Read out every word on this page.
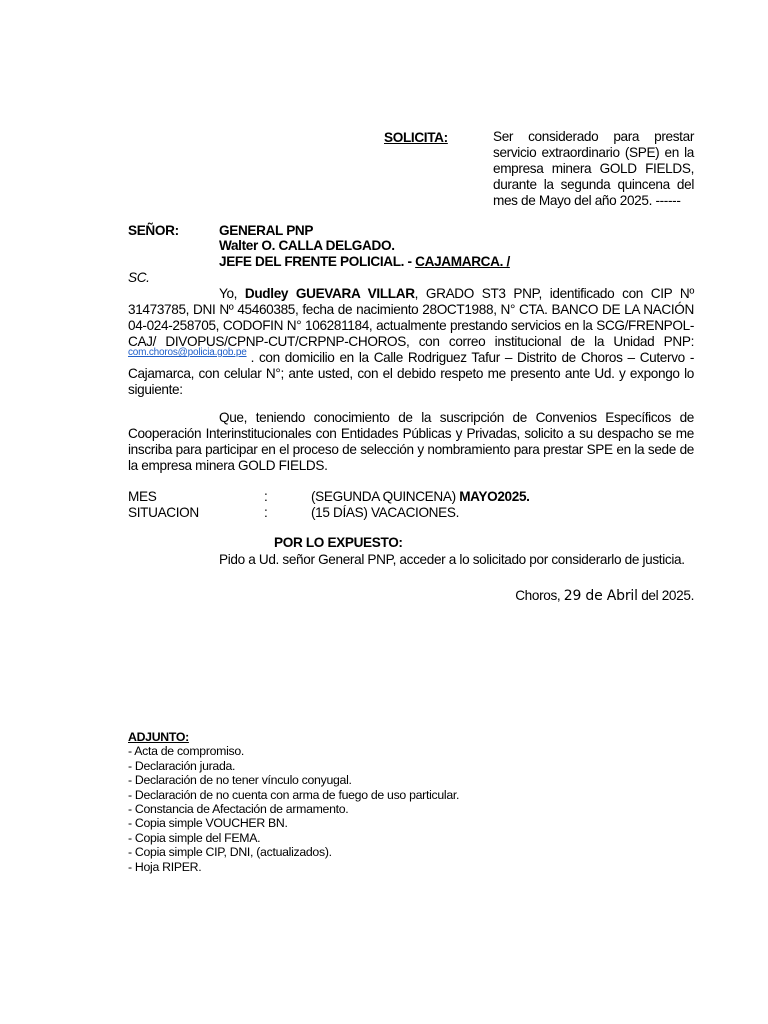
SOLICITA:	Ser considerado para prestar
servicio extraordinario (SPE) en la
empresa minera GOLD FIELDS,
durante la segunda quincena del
mes de Mayo del año 2025. ------
SEÑOR:	GENERAL PNP
Walter O. CALLA DELGADO.
JEFE DEL FRENTE POLICIAL. - CAJAMARCA. /
SC.
Yo, Dudley GUEVARA VILLAR, GRADO ST3 PNP, identificado con CIP Nº
31473785, DNI Nº 45460385, fecha de nacimiento 28OCT1988, N° CTA. BANCO DE LA NACIÓN
04-024-258705, CODOFIN N° 106281184, actualmente prestando servicios en la SCG/FRENPOL-
CAJ/ DIVOPUS/CPNP-CUT/CRPNP-CHOROS, con correo institucional de la Unidad PNP:
com.choros@policia.gob.pe . con domicilio en la Calle Rodriguez Tafur – Distrito de Choros – Cutervo -
Cajamarca, con celular N°; ante usted, con el debido respeto me presento ante Ud. y expongo lo
siguiente:
Que, teniendo conocimiento de la suscripción de Convenios Específicos de
Cooperación Interinstitucionales con Entidades Públicas y Privadas, solicito a su despacho se me
inscriba para participar en el proceso de selección y nombramiento para prestar SPE en la sede de
la empresa minera GOLD FIELDS.
MES	:	(SEGUNDA QUINCENA) MAYO2025.
SITUACION	:	(15 DÍAS) VACACIONES.
POR LO EXPUESTO:
Pido a Ud. señor General PNP, acceder a lo solicitado por considerarlo de justicia.
Choros, 29 de Abril del 2025.
ADJUNTO:
- Acta de compromiso.
- Declaración jurada.
- Declaración de no tener vínculo conyugal.
- Declaración de no cuenta con arma de fuego de uso particular.
- Constancia de Afectación de armamento.
- Copia simple VOUCHER BN.
- Copia simple del FEMA.
- Copia simple CIP, DNI, (actualizados).
- Hoja RIPER.
